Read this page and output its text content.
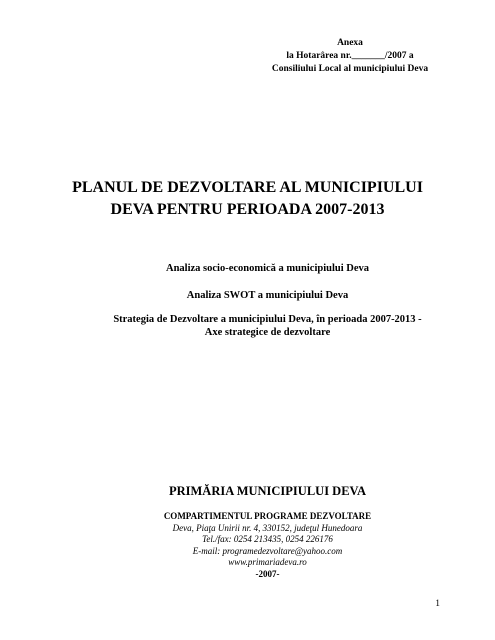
Anexa
la Hotarârea nr._______/2007 a
Consiliului Local al municipiului Deva
PLANUL DE DEZVOLTARE AL MUNICIPIULUI
DEVA PENTRU PERIOADA 2007-2013
Analiza socio-economică a municipiului Deva
Analiza SWOT a municipiului Deva
Strategia de Dezvoltare a municipiului Deva, în perioada 2007-2013 -
Axe strategice de dezvoltare
PRIMĂRIA MUNICIPIULUI DEVA
COMPARTIMENTUL PROGRAME DEZVOLTARE
Deva, Piaţa Unirii nr. 4, 330152, judeţul Hunedoara
Tel./fax: 0254 213435, 0254 226176
E-mail: programedezvoltare@yahoo.com
www.primariadeva.ro
-2007-
1
